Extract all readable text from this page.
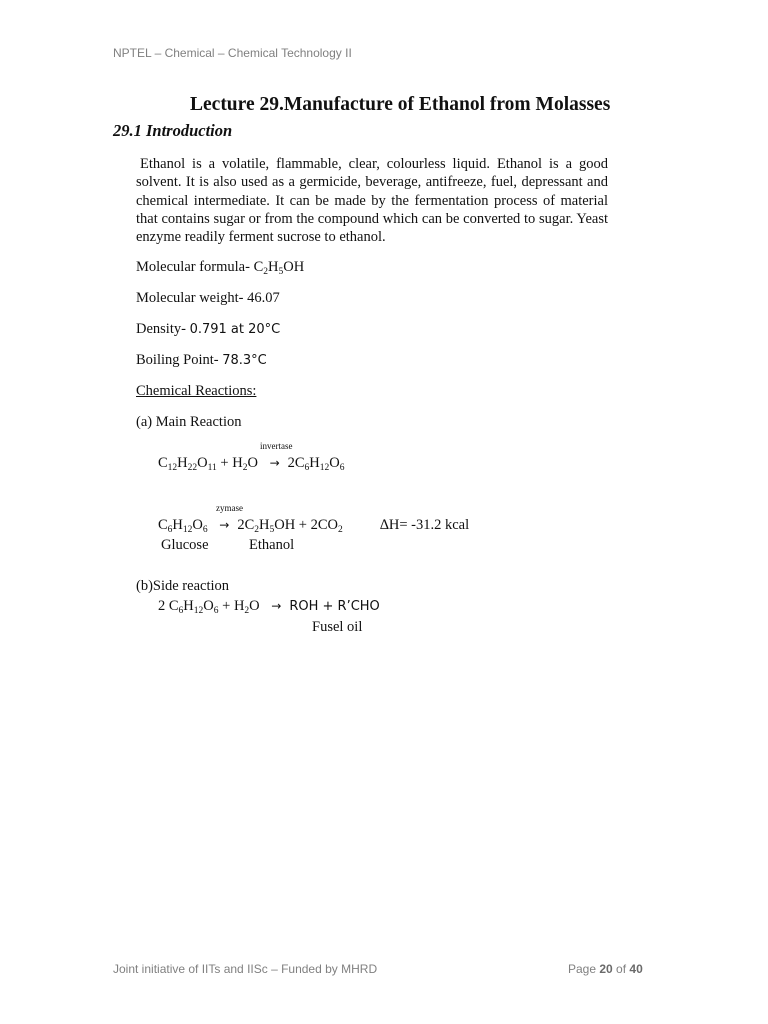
NPTEL – Chemical – Chemical Technology II
Lecture 29.Manufacture of Ethanol from Molasses
29.1 Introduction
Ethanol is a volatile, flammable, clear, colourless liquid. Ethanol is a good solvent. It is also used as a germicide, beverage, antifreeze, fuel, depressant and chemical intermediate. It can be made by the fermentation process of material that contains sugar or from the compound which can be converted to sugar. Yeast enzyme readily ferment sucrose to ethanol.
Molecular formula- $C_2H_5OH$
Molecular weight- 46.07
Density- 0.791 at 20°C
Boiling Point- 78.3°C
Chemical Reactions:
(a) Main Reaction
invertase
$C_{12}H_{22}O_{11} + H_2O \to 2C_6H_{12}O_6$
zymase
$C_6H_{12}O_6 \to 2C_2H_5OH + 2CO_2$	∆H= -31.2 kcal
Glucose	Ethanol
(b)Side reaction
2 $C_6H_{12}O_6 + H_2O$ → ROH + R’CHO
Fusel oil
Joint initiative of IITs and IISc – Funded by MHRD	Page 20 of 40
